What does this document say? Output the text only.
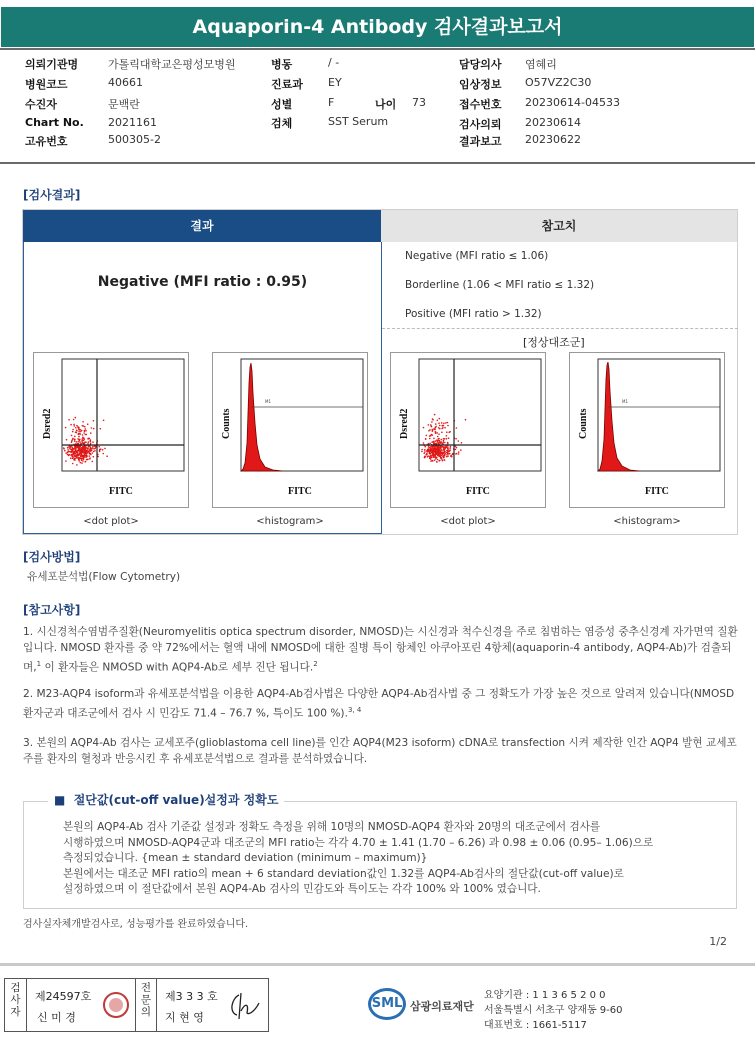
Aquaporin-4 Antibody 검사결과보고서
의뢰기관명	가톨릭대학교은평성모병원
병원코드	40661
수진자	문백란
Chart No. 2021161
고유번호	500305-2
병동	/ -
진료과 EY
성별	F	나이 73
검체	SST Serum
담당의사 염혜리
임상정보 O57VZ2C30
접수번호 20230614-04533
검사의뢰 20230614
결과보고 20230622
[검사결과]
결과	참고치
Negative (MFI ratio : 0.95)
Negative (MFI ratio ≤ 1.06)
Borderline (1.06 < MFI ratio ≤ 1.32)
Positive (MFI ratio > 1.32)
[정상대조군]
Dsred2
FITC
M1
Counts
FITC
Dsred2
FITC
M1
Counts
FITC
<dot plot>	<histogram>	<dot plot>	<histogram>
[검사방법]
유세포분석법(Flow Cytometry)
[참고사항]
1. 시신경척수염범주질환(Neuromyelitis optica spectrum disorder, NMOSD)는 시신경과 척수신경을 주로 침범하는 염증성 중추신경계 자가면역 질환입니다. NMOSD 환자를 중 약 72%에서는 혈액 내에 NMOSD에 대한 질병 특이 항체인 아쿠아포린 4항체(aquaporin-4 antibody, AQP4-Ab)가 검출되며,$^1$ 이 환자들은 NMOSD with AQP4-Ab로 세부 진단 됩니다.$^2$
2. M23-AQP4 isoform과 유세포분석법을 이용한 AQP4-Ab검사법은 다양한 AQP4-Ab검사법 중 그 정확도가 가장 높은 것으로 알려져 있습니다(NMOSD환자군과 대조군에서 검사 시 민감도 71.4 – 76.7 %, 특이도 100 %).$^{3, 4}$
3. 본원의 AQP4-Ab 검사는 교세포주(glioblastoma cell line)를 인간 AQP4(M23 isoform) cDNA로 transfection 시켜 제작한 인간 AQP4 발현 교세포주를 환자의 혈청과 반응시킨 후 유세포분석법으로 결과를 분석하였습니다.
■ 절단값(cut-off value)설정과 정확도
본원의 AQP4-Ab 검사 기준값 설정과 정확도 측정을 위해 10명의 NMOSD-AQP4 환자와 20명의 대조군에서 검사를
시행하였으며 NMOSD-AQP4군과 대조군의 MFI ratio는 각각 4.70 ± 1.41 (1.70 – 6.26) 과 0.98 ± 0.06 (0.95– 1.06)으로
측정되었습니다. {mean ± standard deviation (minimum – maximum)}
본원에서는 대조군 MFI ratio의 mean + 6 standard deviation값인 1.32를 AQP4-Ab검사의 절단값(cut-off value)로
설정하였으며 이 절단값에서 본원 AQP4-Ab 검사의 민감도와 특이도는 각각 100% 와 100% 였습니다.
검사실자체개발검사로, 성능평가를 완료하였습니다.
1/2
검
사
자
제24597호
신 미 경
전
문
의
제3 3 3 호
지 현 영
SML 삼광의료재단
요양기관 : 1 1 3 6 5 2 0 0
서울특별시 서초구 양재동 9-60
대표번호 : 1661-5117
